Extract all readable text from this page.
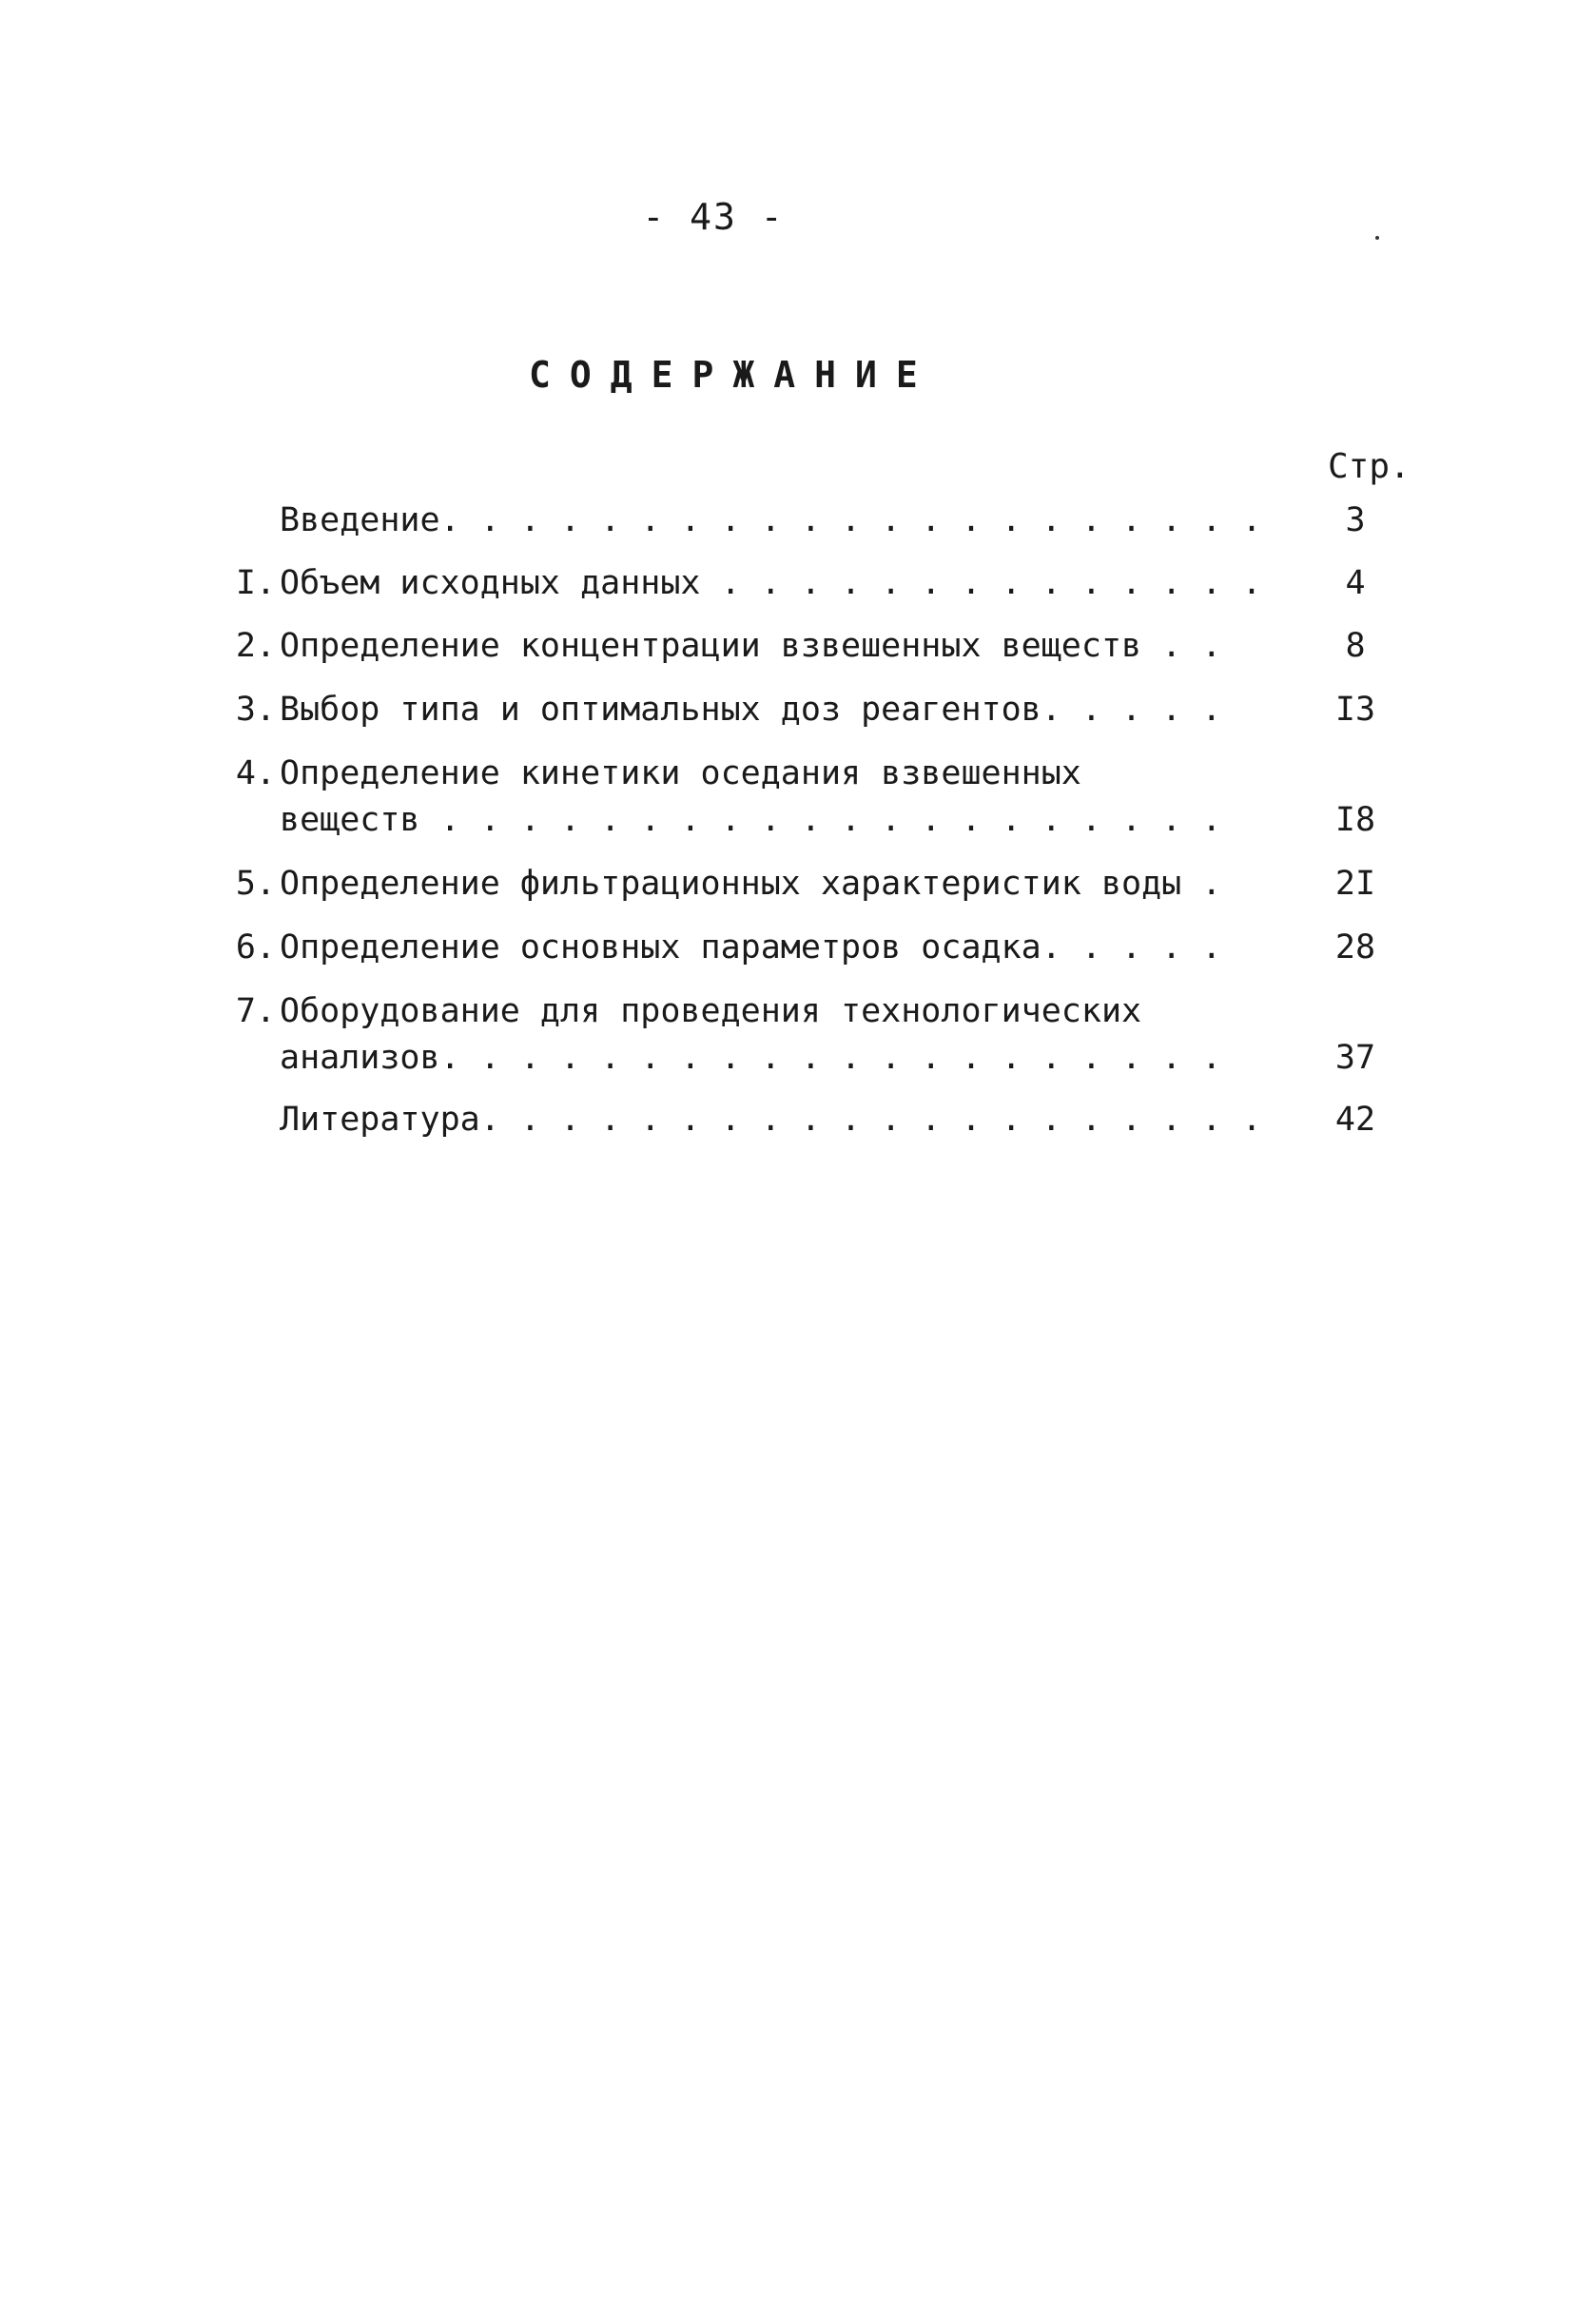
- 43 -
СОДЕРЖАНИЕ
Стр.
Введение. . . . . . . . . . . . . . . . . . . . .	3
I. Объем исходных данных . . . . . . . . . . . . . .	4
2. Определение концентрации взвешенных веществ . .	8
3. Выбор типа и оптимальных доз реагентов. . . . .	I3
4. Определение кинетики оседания взвешенных
веществ . . . . . . . . . . . . . . . . . . . .	I8
5. Определение фильтрационных характеристик воды .	2I
6. Определение основных параметров осадка. . . . .	28
7. Оборудование для проведения технологических
анализов. . . . . . . . . . . . . . . . . . . .	37
Литература. . . . . . . . . . . . . . . . . . . .	42
